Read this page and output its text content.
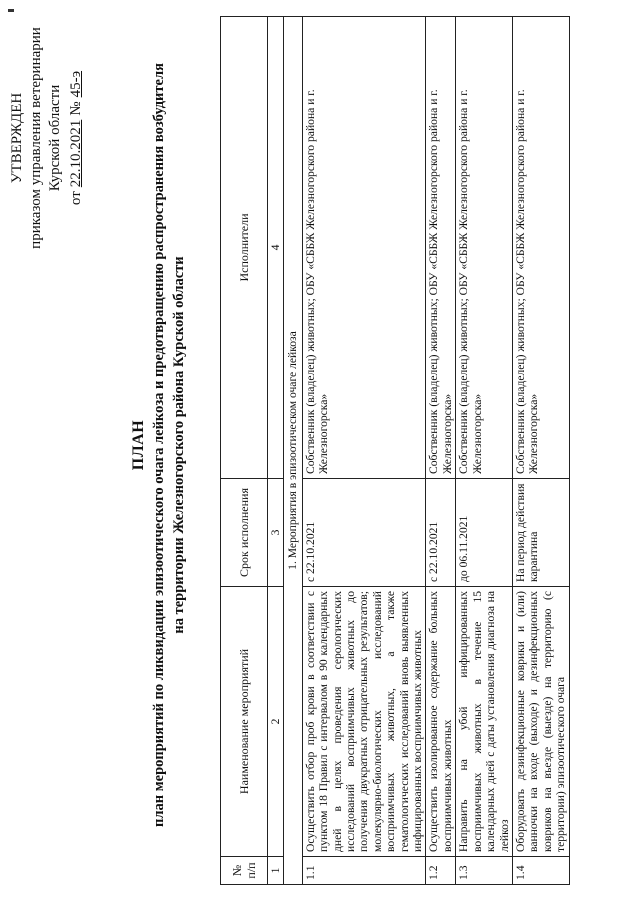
УТВЕРЖДЕН приказом управления ветеринарии Курской области
от
22.10.2021
№
45-э
ПЛАН план мероприятий по ликвидации эпизоотического очага лейкоза и предотвращению распространения возбудителя на территории Железногорского района Курской области
№ п/п	Наименование мероприятий	Срок исполнения	Исполнители
1	2	3	4
1. Мероприятия в эпизоотическом очаге лейкоза			
1.1	Осуществить отбор проб крови в соответствии с пунктом 18 Правил с интервалом в 90 календарных дней в целях проведения серологических исследований восприимчивых животных до получения двукратных отрицательных результатов; молекулярно-биологических исследований восприимчивых животных, а также гематологических исследований вновь выявленных инфицированных восприимчивых животных	с 22.10.2021	Собственник (владелец) животных; ОБУ «СББЖ Железногорского района и г. Железногорска»
1.2	Осуществить изолированное содержание больных восприимчивых животных	с 22.10.2021	Собственник (владелец) животных; ОБУ «СББЖ Железногорского района и г. Железногорска»
1.3	Направить на убой инфицированных восприимчивых животных в течение 15 календарных дней с даты установления диагноза на лейкоз	до 06.11.2021	Собственник (владелец) животных; ОБУ «СББЖ Железногорского района и г. Железногорска»
1.4	Оборудовать дезинфекционные коврики и (или) ванночки на входе (выходе) и дезинфекционных ковриков на въезде (выезде) на территорию (с территории) эпизоотического очага	На период действия карантина	Собственник (владелец) животных; ОБУ «СББЖ Железногорского района и г. Железногорска»
